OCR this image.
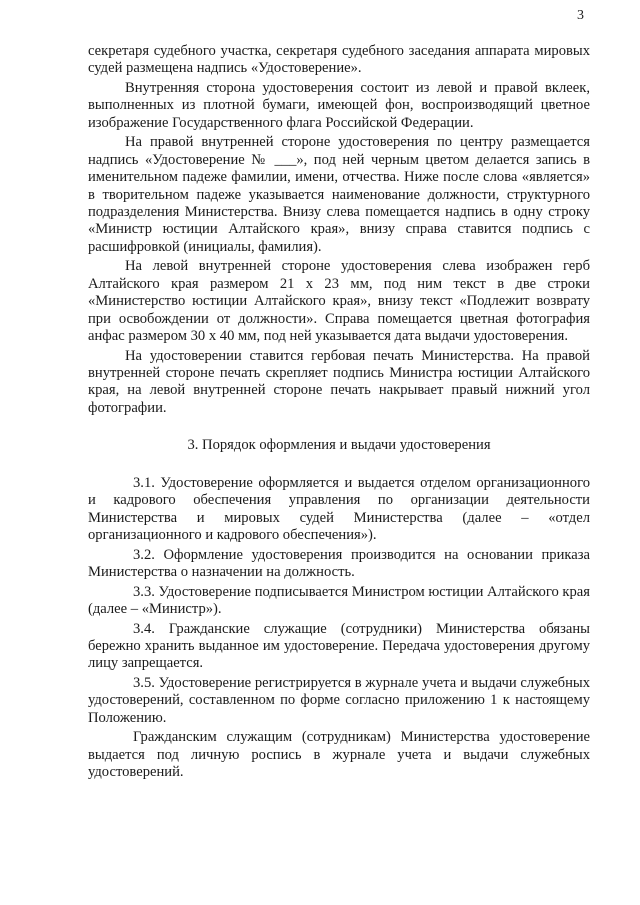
3

секретаря судебного участка, секретаря судебного заседания аппарата мировых судей размещена надпись «Удостоверение».

Внутренняя сторона удостоверения состоит из левой и правой вклеек, выполненных из плотной бумаги, имеющей фон, воспроизводящий цветное изображение Государственного флага Российской Федерации.

На правой внутренней стороне удостоверения по центру размещается надпись «Удостоверение № ___», под ней черным цветом делается запись в именительном падеже фамилии, имени, отчества. Ниже после слова «является» в творительном падеже указывается наименование должности, структурного подразделения Министерства. Внизу слева помещается надпись в одну строку «Министр юстиции Алтайского края», внизу справа ставится подпись с расшифровкой (инициалы, фамилия).

На левой внутренней стороне удостоверения слева изображен герб Алтайского края размером 21 х 23 мм, под ним текст в две строки «Министерство юстиции Алтайского края», внизу текст «Подлежит возврату при освобождении от должности». Справа помещается цветная фотография анфас размером 30 х 40 мм, под ней указывается дата выдачи удостоверения.

На удостоверении ставится гербовая печать Министерства. На правой внутренней стороне печать скрепляет подпись Министра юстиции Алтайского края, на левой внутренней стороне печать накрывает правый нижний угол фотографии.

3. Порядок оформления и выдачи удостоверения

3.1. Удостоверение оформляется и выдается отделом организационного и кадрового обеспечения управления по организации деятельности Министерства и мировых судей Министерства (далее – «отдел организационного и кадрового обеспечения»).

3.2. Оформление удостоверения производится на основании приказа Министерства о назначении на должность.

3.3. Удостоверение подписывается Министром юстиции Алтайского края (далее – «Министр»).

3.4. Гражданские служащие (сотрудники) Министерства обязаны бережно хранить выданное им удостоверение. Передача удостоверения другому лицу запрещается.

3.5. Удостоверение регистрируется в журнале учета и выдачи служебных удостоверений, составленном по форме согласно приложению 1 к настоящему Положению.

Гражданским служащим (сотрудникам) Министерства удостоверение выдается под личную роспись в журнале учета и выдачи служебных удостоверений.
